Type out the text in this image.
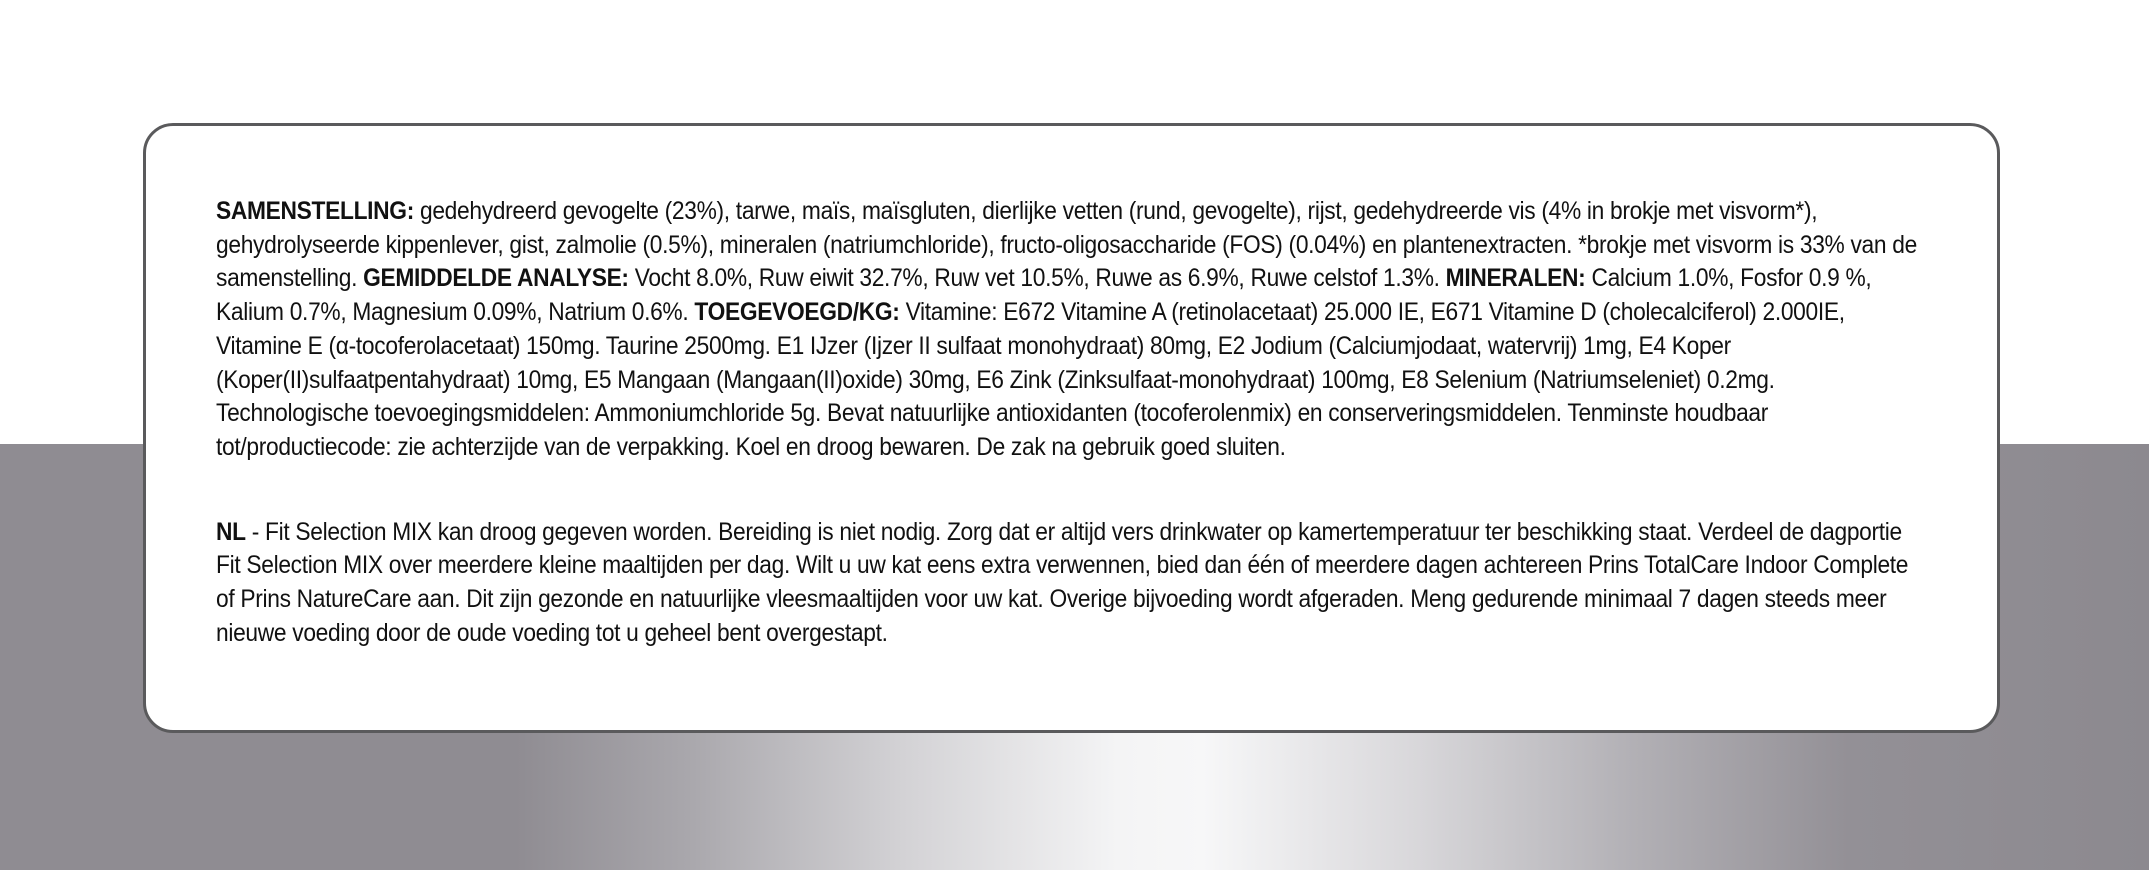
SAMENSTELLING: gedehydreerd gevogelte (23%), tarwe, maïs, maïsgluten, dierlijke vetten (rund, gevogelte), rijst, gedehydreerde vis (4% in brokje met visvorm*), gehydrolyseerde kippenlever, gist, zalmolie (0.5%), mineralen (natriumchloride), fructo-oligosaccharide (FOS) (0.04%) en plantenextracten. *brokje met visvorm is 33% van de samenstelling. GEMIDDELDE ANALYSE: Vocht 8.0%, Ruw eiwit 32.7%, Ruw vet 10.5%, Ruwe as 6.9%, Ruwe celstof 1.3%. MINERALEN: Calcium 1.0%, Fosfor 0.9 %, Kalium 0.7%, Magnesium 0.09%, Natrium 0.6%. TOEGEVOEGD/KG: Vitamine: E672 Vitamine A (retinolacetaat) 25.000 IE, E671 Vitamine D (cholecalciferol) 2.000IE, Vitamine E (α-tocoferolacetaat) 150mg. Taurine 2500mg. E1 IJzer (Ijzer II sulfaat monohydraat) 80mg, E2 Jodium (Calciumjodaat, watervrij) 1mg, E4 Koper (Koper(II)sulfaatpentahydraat) 10mg, E5 Mangaan (Mangaan(II)oxide) 30mg, E6 Zink (Zinksulfaat-monohydraat) 100mg, E8 Selenium (Natriumseleniet) 0.2mg. Technologische toevoegingsmiddelen: Ammoniumchloride 5g. Bevat natuurlijke antioxidanten (tocoferolenmix) en conserveringsmiddelen. Tenminste houdbaar tot/productiecode: zie achterzijde van de verpakking. Koel en droog bewaren. De zak na gebruik goed sluiten.

NL - Fit Selection MIX kan droog gegeven worden. Bereiding is niet nodig. Zorg dat er altijd vers drinkwater op kamertemperatuur ter beschikking staat. Verdeel de dagportie Fit Selection MIX over meerdere kleine maaltijden per dag. Wilt u uw kat eens extra verwennen, bied dan één of meerdere dagen achtereen Prins TotalCare Indoor Complete of Prins NatureCare aan. Dit zijn gezonde en natuurlijke vleesmaaltijden voor uw kat. Overige bijvoeding wordt afgeraden. Meng gedurende minimaal 7 dagen steeds meer nieuwe voeding door de oude voeding tot u geheel bent overgestapt.
